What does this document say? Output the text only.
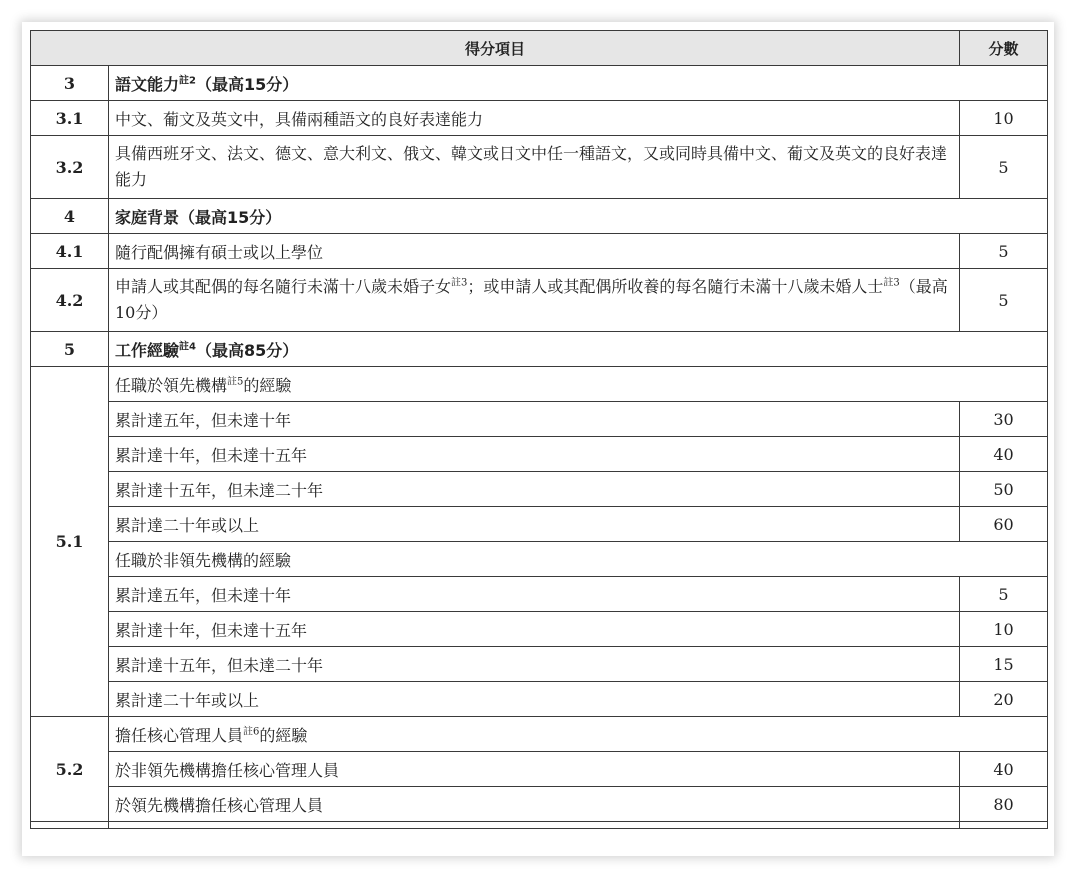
得分項目		分數
3	語文能力$^{註2}$（最高15分）	
3.1	中文、葡文及英文中，具備兩種語文的良好表達能力	10
3.2	具備西班牙文、法文、德文、意大利文、俄文、韓文或日文中任一種語文，又或同時具備中文、葡文及英文的良好表達能力	5
4	家庭背景（最高15分）	
4.1	隨行配偶擁有碩士或以上學位	5
4.2	申請人或其配偶的每名隨行未滿十八歲未婚子女$^{註3}$；或申請人或其配偶所收養的每名隨行未滿十八歲未婚人士$^{註3}$（最高10分）	5
5	工作經驗$^{註4}$（最高85分）	
5.1	任職於領先機構$^{註5}$的經驗	
	累計達五年，但未達十年	30
	累計達十年，但未達十五年	40
	累計達十五年，但未達二十年	50
	累計達二十年或以上	60
	任職於非領先機構的經驗	
	累計達五年，但未達十年	5
	累計達十年，但未達十五年	10
	累計達十五年，但未達二十年	15
	累計達二十年或以上	20
5.2	擔任核心管理人員$^{註6}$的經驗	
	於非領先機構擔任核心管理人員	40
	於領先機構擔任核心管理人員	80
